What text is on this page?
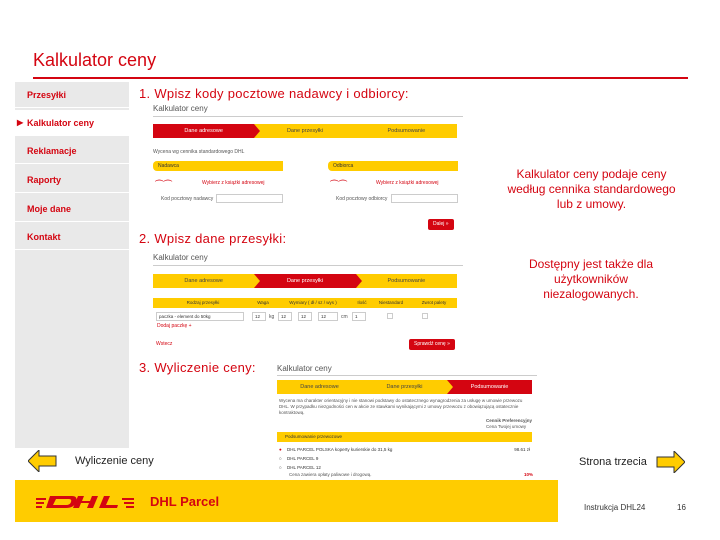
Kalkulator ceny
Przesyłki
▶ Kalkulator ceny
Reklamacje
Raporty
Moje dane
Kontakt
1. Wpisz kody pocztowe nadawcy i odbiorcy:
Kalkulator ceny
Dane adresowe	Dane przesyłki	Podsumowanie
Wycena wg cennika standardowego DHL
Nadawca	Odbiorca
⏜⏜	⏜⏜
Wybierz z książki adresowej	Wybierz z książki adresowej
Kod pocztowy nadawcy	Kod pocztowy odbiorcy
Dalej »
Kalkulator ceny podaje ceny według cennika standardowego lub z umowy.
2. Wpisz dane przesyłki:
Kalkulator ceny
Dane adresowe	Dane przesyłki	Podsumowanie
Rodzaj przesyłki	Waga	Wymiary ( dł / sz / wys )	Ilość	Niestandard	Zwrot palety
paczka - element do 50kg	12 kg	12	12	12	cm	1
Dodaj paczkę +
Wstecz	Sprawdź cenę »
Dostępny jest także dla użytkowników niezalogowanych.
3. Wyliczenie ceny:	Kalkulator ceny
Dane adresowe	Dane przesyłki	Podsumowanie
Wycena ma charakter orientacyjny i nie stanowi podstawy do ostatecznego wynagrodzenia za usługę w umowie przewozu DHL. W przypadku niezgodności cen w akcie ze stawkami wynikającymi z umowy przewozu z obowiązującą ostatecznie kontraktową.
Cennik Preferencyjny
Cena Twojej umowy
Podsumowanie przewozowe
●	DHL PARCEL POLSKA koperty kurierskie do 31,5 kg	98.61 zł
○	DHL PARCEL 9
○	DHL PARCEL 12
Cena zawiera opłaty paliwowe i drogową.	10%
Wyliczenie ceny	Strona trzecia
DHL Parcel	Instrukcja DHL24	16
